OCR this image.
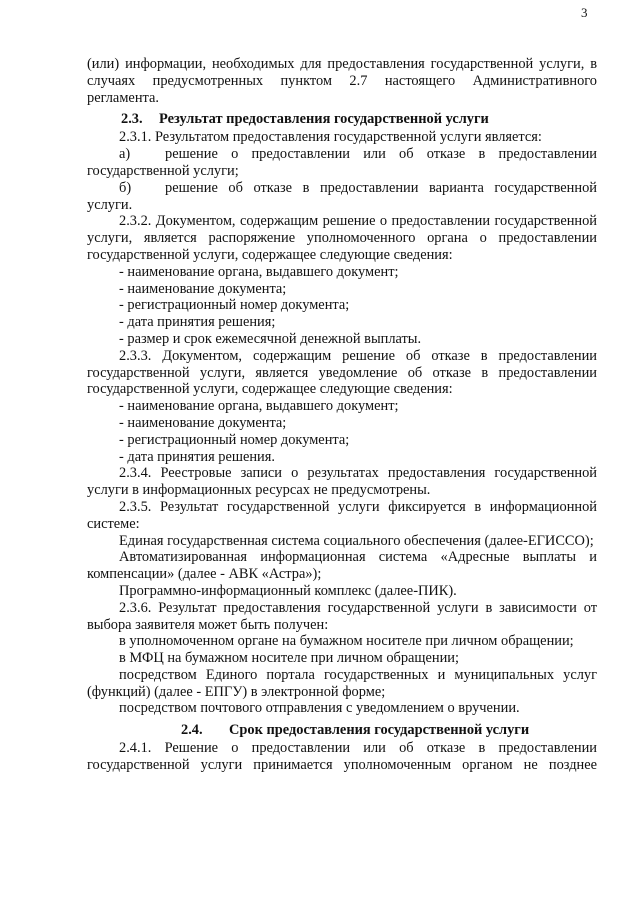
3

(или) информации, необходимых для предоставления государственной услуги, в случаях предусмотренных пунктом 2.7 настоящего Административного регламента.

2.3. Результат предоставления государственной услуги

2.3.1. Результатом предоставления государственной услуги является:

а) решение о предоставлении или об отказе в предоставлении государственной услуги;

б) решение об отказе в предоставлении варианта государственной услуги.

2.3.2. Документом, содержащим решение о предоставлении государственной услуги, является распоряжение уполномоченного органа о предоставлении государственной услуги, содержащее следующие сведения:

- наименование органа, выдавшего документ;

- наименование документа;

- регистрационный номер документа;

- дата принятия решения;

- размер и срок ежемесячной денежной выплаты.

2.3.3. Документом, содержащим решение об отказе в предоставлении государственной услуги, является уведомление об отказе в предоставлении государственной услуги, содержащее следующие сведения:

- наименование органа, выдавшего документ;

- наименование документа;

- регистрационный номер документа;

- дата принятия решения.

2.3.4. Реестровые записи о результатах предоставления государственной услуги в информационных ресурсах не предусмотрены.

2.3.5. Результат государственной услуги фиксируется в информационной системе:

Единая государственная система социального обеспечения (далее-ЕГИССО);

Автоматизированная информационная система «Адресные выплаты и компенсации» (далее - АВК «Астра»);

Программно-информационный комплекс (далее-ПИК).

2.3.6. Результат предоставления государственной услуги в зависимости от выбора заявителя может быть получен:

в уполномоченном органе на бумажном носителе при личном обращении;

в МФЦ на бумажном носителе при личном обращении;

посредством Единого портала государственных и муниципальных услуг (функций) (далее - ЕПГУ) в электронной форме;

посредством почтового отправления с уведомлением о вручении.

2.4. Срок предоставления государственной услуги

2.4.1. Решение о предоставлении или об отказе в предоставлении государственной услуги принимается уполномоченным органом не позднее
